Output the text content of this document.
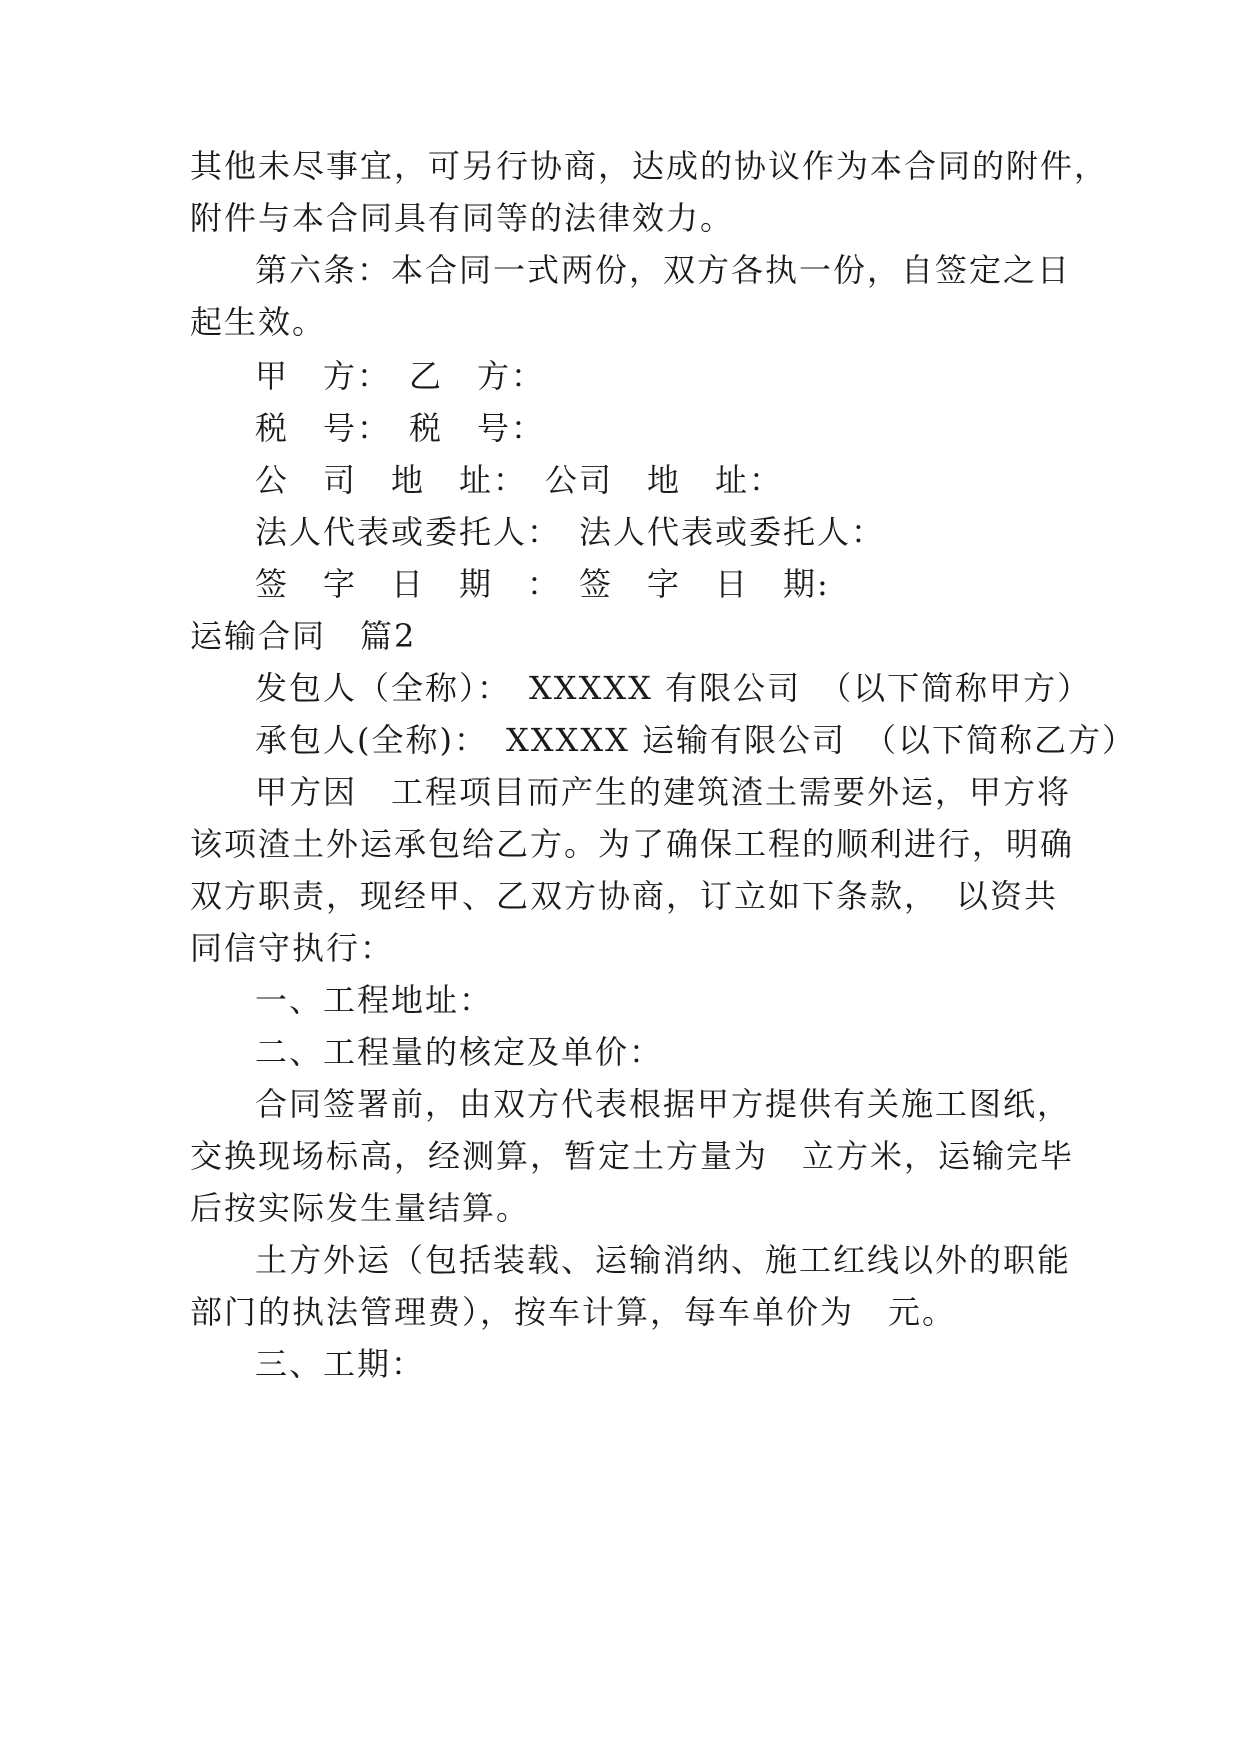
其他未尽事宜，可另行协商，达成的协议作为本合同的附件，
附件与本合同具有同等的法律效力。
第六条：本合同一式两份，双方各执一份，自签定之日
起生效。
甲　方：　乙　方：
税　号：　税　号：
公　司　地　址：　公司　地　址：
法人代表或委托人：　法人代表或委托人：
签　字　日　期　：　签　字　日　期:
运输合同　篇2
发包人（全称）：　XXXXX 有限公司　（以下简称甲方）
承包人(全称)：　XXXXX 运输有限公司　（以下简称乙方）
甲方因　工程项目而产生的建筑渣土需要外运，甲方将
该项渣土外运承包给乙方。为了确保工程的顺利进行，明确
双方职责，现经甲、乙双方协商，订立如下条款，　以资共
同信守执行：
一、工程地址：
二、工程量的核定及单价：
合同签署前，由双方代表根据甲方提供有关施工图纸，
交换现场标高，经测算，暂定土方量为　立方米，运输完毕
后按实际发生量结算。
土方外运（包括装载、运输消纳、施工红线以外的职能
部门的执法管理费），按车计算，每车单价为　元。
三、工期：
